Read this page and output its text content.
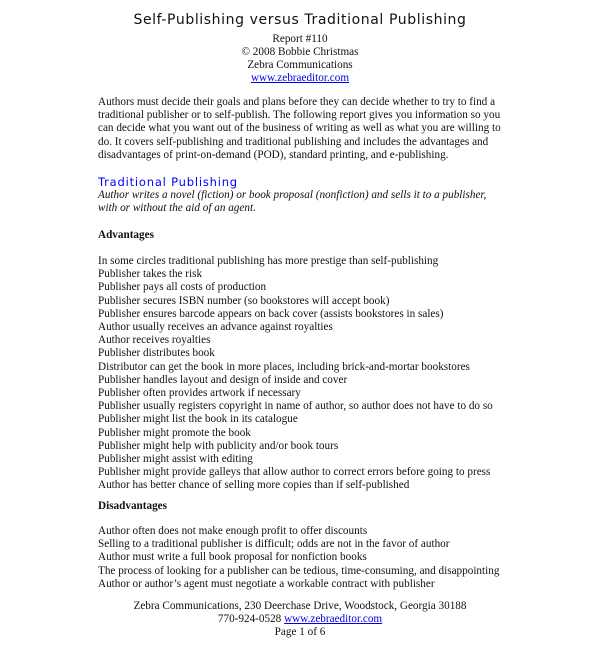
Self-Publishing versus Traditional Publishing
Report #110
© 2008 Bobbie Christmas
Zebra Communications
www.zebraeditor.com

Authors must decide their goals and plans before they can decide whether to try to find a traditional publisher or to self-publish. The following report gives you information so you can decide what you want out of the business of writing as well as what you are willing to do. It covers self-publishing and traditional publishing and includes the advantages and disadvantages of print-on-demand (POD), standard printing, and e-publishing.

Traditional Publishing

Author writes a novel (fiction) or book proposal (nonfiction) and sells it to a publisher, with or without the aid of an agent.

Advantages
In some circles traditional publishing has more prestige than self-publishing
Publisher takes the risk
Publisher pays all costs of production
Publisher secures ISBN number (so bookstores will accept book)
Publisher ensures barcode appears on back cover (assists bookstores in sales)
Author usually receives an advance against royalties
Author receives royalties
Publisher distributes book
Distributor can get the book in more places, including brick-and-mortar bookstores
Publisher handles layout and design of inside and cover
Publisher often provides artwork if necessary
Publisher usually registers copyright in name of author, so author does not have to do so
Publisher might list the book in its catalogue
Publisher might promote the book
Publisher might help with publicity and/or book tours
Publisher might assist with editing
Publisher might provide galleys that allow author to correct errors before going to press
Author has better chance of selling more copies than if self-published
Disadvantages
Author often does not make enough profit to offer discounts
Selling to a traditional publisher is difficult; odds are not in the favor of author
Author must write a full book proposal for nonfiction books
The process of looking for a publisher can be tedious, time-consuming, and disappointing
Author or author’s agent must negotiate a workable contract with publisher
Zebra Communications, 230 Deerchase Drive, Woodstock, Georgia 30188
770-924-0528 www.zebraeditor.com
Page 1 of 6
